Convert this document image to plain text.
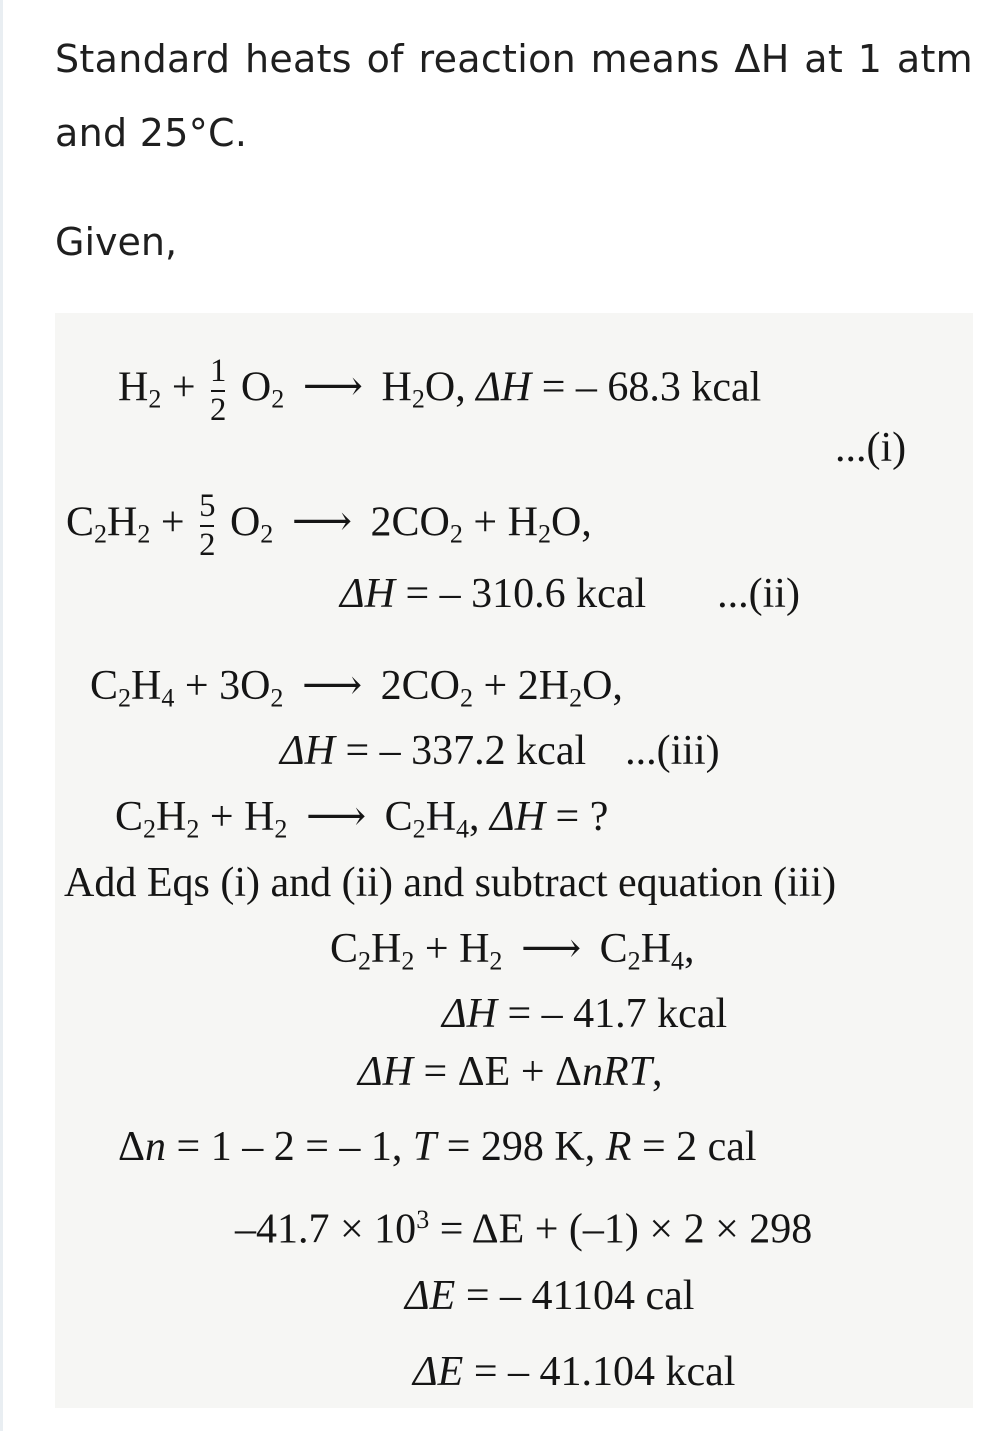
Standard heats of reaction means ΔH at 1 atm and 25°C.

Given,

$H_2 + \frac{1}{2} O_2$ ⟶ $H_2O$, ΔH = – 68.3 kcal
...(i)
$C_2H_2 + \frac{5}{2} O_2$ ⟶ $2CO_2 + H_2O$,
ΔH = – 310.6 kcal ...(ii)
$C_2H_4 + 3O_2$ ⟶ $2CO_2 + 2H_2O$,
ΔH = – 337.2 kcal ...(iii)
$C_2H_2 + H_2$ ⟶ $C_2H_4$, ΔH = ?
Add Eqs (i) and (ii) and subtract equation (iii)
$C_2H_2 + H_2$ ⟶ $C_2H_4$,
ΔH = – 41.7 kcal
ΔH = ΔE + ΔnRT,
Δn = 1 – 2 = – 1, T = 298 K, R = 2 cal
$-41.7 \times 10^3 = \Delta E + (-1) \times 2 \times 298$
ΔE = – 41104 cal
ΔE = – 41.104 kcal
